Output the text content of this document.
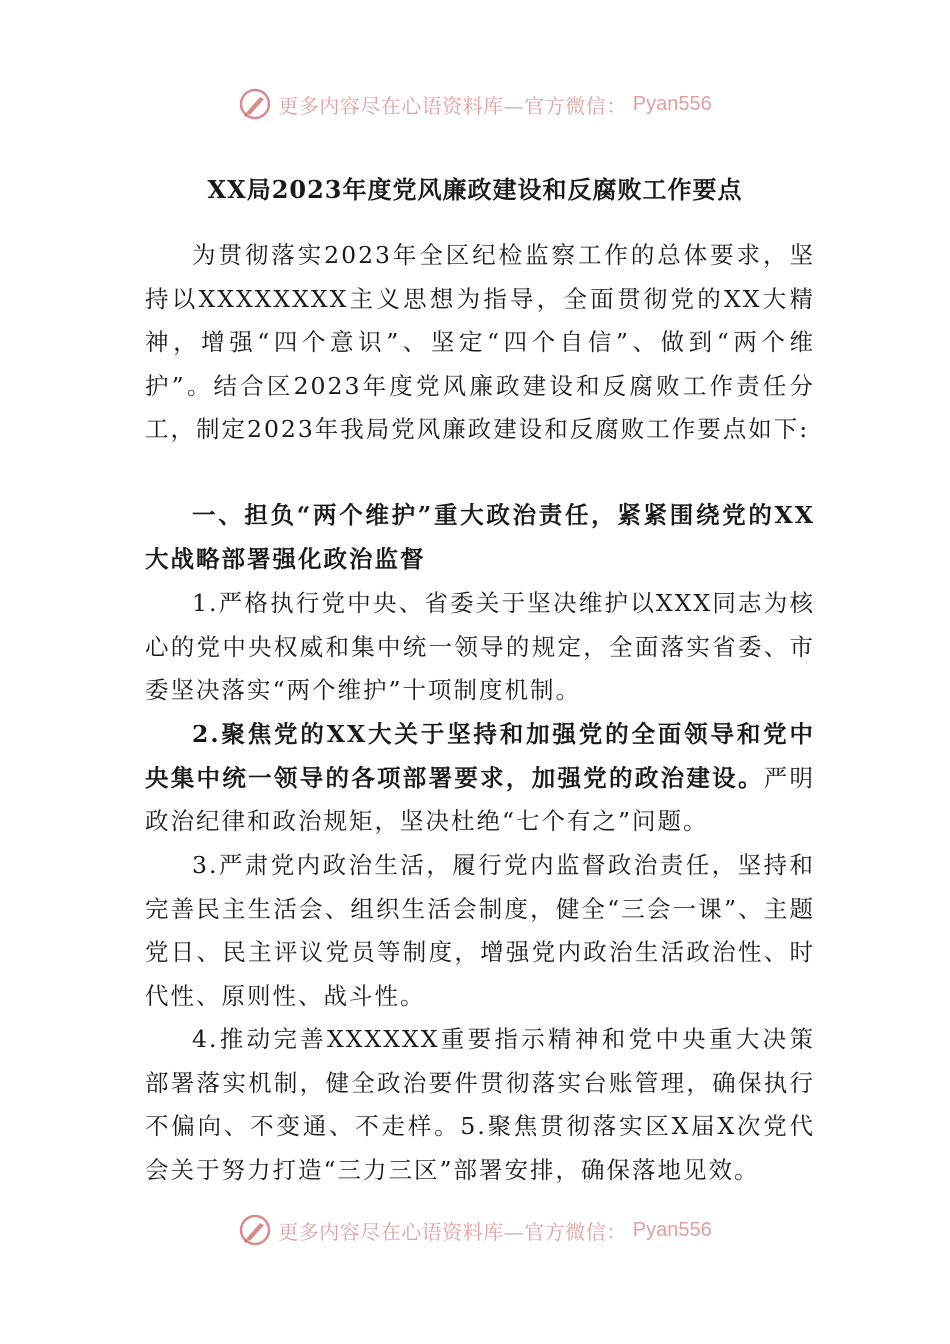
更多内容尽在心语资料库—官方微信： Pyan556
XX局2023年度党风廉政建设和反腐败工作要点
为贯彻落实2023年全区纪检监察工作的总体要求，坚持以XXXXXXXX主义思想为指导，全面贯彻党的XX大精神，增强“四个意识”、坚定“四个自信”、做到“两个维护”。结合区2023年度党风廉政建设和反腐败工作责任分工，制定2023年我局党风廉政建设和反腐败工作要点如下:
一、担负“两个维护”重大政治责任，紧紧围绕党的XX大战略部署强化政治监督
1.严格执行党中央、省委关于坚决维护以XXX同志为核心的党中央权威和集中统一领导的规定，全面落实省委、市委坚决落实“两个维护”十项制度机制。
2.聚焦党的XX大关于坚持和加强党的全面领导和党中央集中统一领导的各项部署要求，加强党的政治建设。严明政治纪律和政治规矩，坚决杜绝“七个有之”问题。
3.严肃党内政治生活，履行党内监督政治责任，坚持和完善民主生活会、组织生活会制度，健全“三会一课”、主题党日、民主评议党员等制度，增强党内政治生活政治性、时代性、原则性、战斗性。
4.推动完善XXXXXX重要指示精神和党中央重大决策部署落实机制，健全政治要件贯彻落实台账管理，确保执行不偏向、不变通、不走样。5.聚焦贯彻落实区X届X次党代会关于努力打造“三力三区”部署安排，确保落地见效。
更多内容尽在心语资料库—官方微信： Pyan556
